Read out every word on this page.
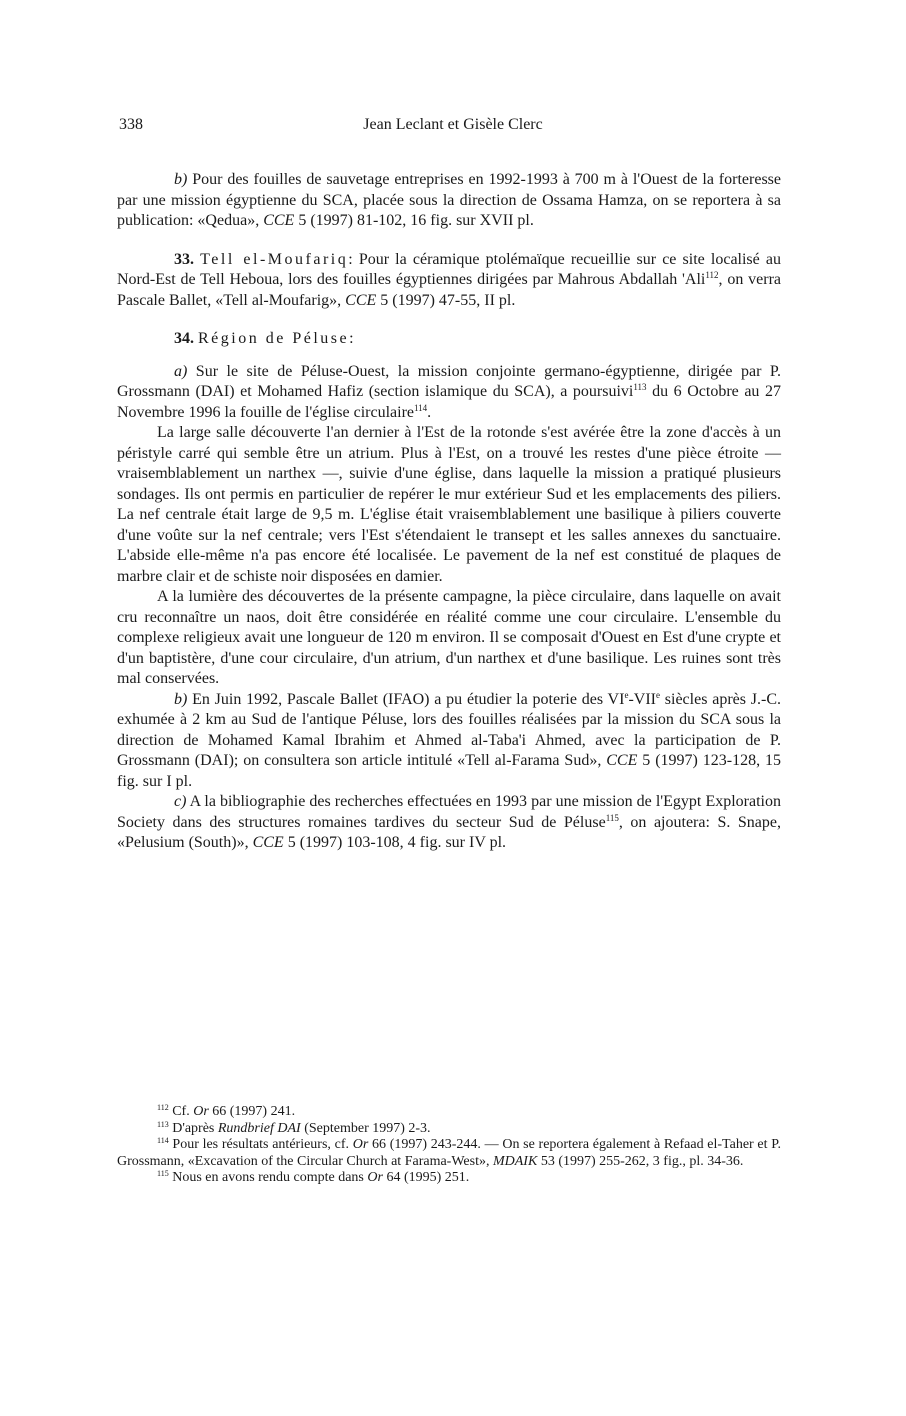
338	Jean Leclant et Gisèle Clerc

b) Pour des fouilles de sauvetage entreprises en 1992-1993 à 700 m à l'Ouest de la forteresse par une mission égyptienne du SCA, placée sous la direction de Ossama Hamza, on se reportera à sa publication: «Qedua», CCE 5 (1997) 81-102, 16 fig. sur XVII pl.

33. Tell el-Moufariq: Pour la céramique ptolémaïque recueillie sur ce site localisé au Nord-Est de Tell Heboua, lors des fouilles égyptiennes dirigées par Mahrous Abdallah 'Ali$^{112}$, on verra Pascale Ballet, «Tell al-Moufarig», CCE 5 (1997) 47-55, II pl.

34. Région de Péluse:

a) Sur le site de Péluse-Ouest, la mission conjointe germano-égyptienne, dirigée par P. Grossmann (DAI) et Mohamed Hafiz (section islamique du SCA), a poursuivi$^{113}$ du 6 Octobre au 27 Novembre 1996 la fouille de l'église circulaire$^{114}$.

La large salle découverte l'an dernier à l'Est de la rotonde s'est avérée être la zone d'accès à un péristyle carré qui semble être un atrium. Plus à l'Est, on a trouvé les restes d'une pièce étroite — vraisemblablement un narthex —, suivie d'une église, dans laquelle la mission a pratiqué plusieurs sondages. Ils ont permis en particulier de repérer le mur extérieur Sud et les emplacements des piliers. La nef centrale était large de 9,5 m. L'église était vraisemblablement une basilique à piliers couverte d'une voûte sur la nef centrale; vers l'Est s'étendaient le transept et les salles annexes du sanctuaire. L'abside elle-même n'a pas encore été localisée. Le pavement de la nef est constitué de plaques de marbre clair et de schiste noir disposées en damier.

A la lumière des découvertes de la présente campagne, la pièce circulaire, dans laquelle on avait cru reconnaître un naos, doit être considérée en réalité comme une cour circulaire. L'ensemble du complexe religieux avait une longueur de 120 m environ. Il se composait d'Ouest en Est d'une crypte et d'un baptistère, d'une cour circulaire, d'un atrium, d'un narthex et d'une basilique. Les ruines sont très mal conservées.

b) En Juin 1992, Pascale Ballet (IFAO) a pu étudier la poterie des VIe-VIIe siècles après J.-C. exhumée à 2 km au Sud de l'antique Péluse, lors des fouilles réalisées par la mission du SCA sous la direction de Mohamed Kamal Ibrahim et Ahmed al-Taba'i Ahmed, avec la participation de P. Grossmann (DAI); on consultera son article intitulé «Tell al-Farama Sud», CCE 5 (1997) 123-128, 15 fig. sur I pl.

c) A la bibliographie des recherches effectuées en 1993 par une mission de l'Egypt Exploration Society dans des structures romaines tardives du secteur Sud de Péluse$^{115}$, on ajoutera: S. Snape, «Pelusium (South)», CCE 5 (1997) 103-108, 4 fig. sur IV pl.

$^{112}$ Cf. Or 66 (1997) 241.

$^{113}$ D'après Rundbrief DAI (September 1997) 2-3.

$^{114}$ Pour les résultats antérieurs, cf. Or 66 (1997) 243-244. — On se reportera également à Refaad el-Taher et P. Grossmann, «Excavation of the Circular Church at Farama-West», MDAIK 53 (1997) 255-262, 3 fig., pl. 34-36.

$^{115}$ Nous en avons rendu compte dans Or 64 (1995) 251.
